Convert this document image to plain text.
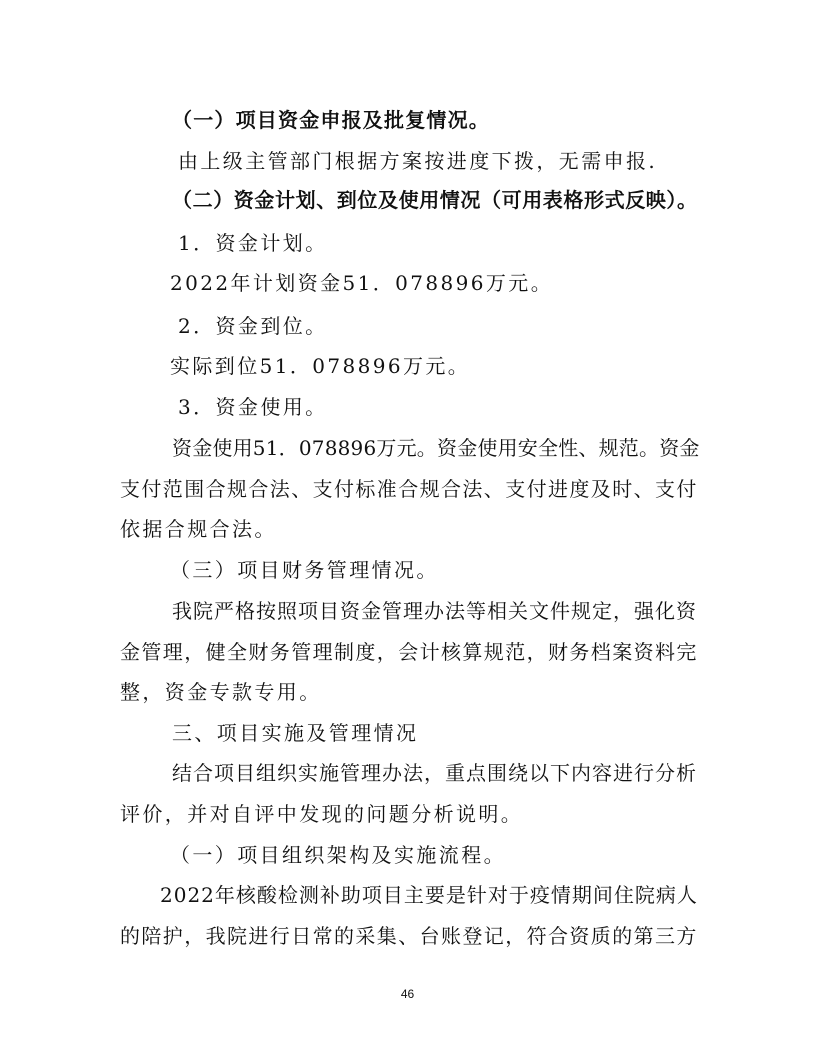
（一）项目资金申报及批复情况。
由上级主管部门根据方案按进度下拨，无需申报.
（二）资金计划、到位及使用情况（可用表格形式反映）。
1．资金计划。
2022年计划资金51．078896万元。
2．资金到位。
实际到位51．078896万元。
3．资金使用。
资金使用51．078896万元。资金使用安全性、规范。资金
支付范围合规合法、支付标准合规合法、支付进度及时、支付
依据合规合法。
（三）项目财务管理情况。
我院严格按照项目资金管理办法等相关文件规定，强化资
金管理，健全财务管理制度，会计核算规范，财务档案资料完
整，资金专款专用。
三、项目实施及管理情况
结合项目组织实施管理办法，重点围绕以下内容进行分析
评价，并对自评中发现的问题分析说明。
（一）项目组织架构及实施流程。
2022年核酸检测补助项目主要是针对于疫情期间住院病人
的陪护，我院进行日常的采集、台账登记，符合资质的第三方
46
